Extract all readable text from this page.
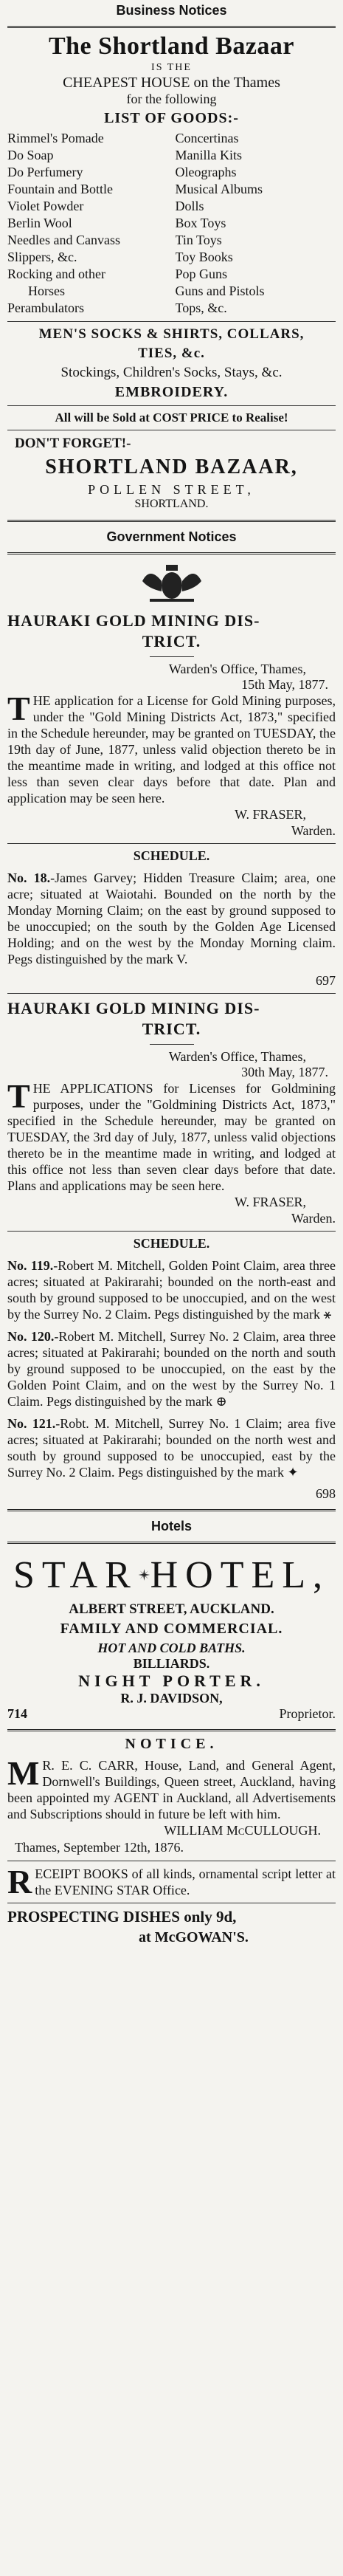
Business Notices
The Shortland Bazaar
IS THE
CHEAPEST HOUSE on the Thames
for the following
LIST OF GOODS:-
Rimmel's Pomade
Do Soap
Do Perfumery
Fountain and Bottle
Violet Powder
Berlin Wool
Needles and Canvass
Slippers, &c.
Rocking and other
Horses
Perambulators
Concertinas
Manilla Kits
Oleographs
Musical Albums
Dolls
Box Toys
Tin Toys
Toy Books
Pop Guns
Guns and Pistols
Tops, &c.
MEN'S SOCKS & SHIRTS, COLLARS,
TIES, &c.
Stockings, Children's Socks, Stays, &c.
EMBROIDERY.
All will be Sold at COST PRICE to Realise!
DON'T FORGET!-
SHORTLAND BAZAAR,
POLLEN STREET,
SHORTLAND.
Government Notices
HAURAKI GOLD MINING DIS-
TRICT.
Warden's Office, Thames,
15th May, 1877.
THE application for a License for Gold Mining purposes, under the "Gold Mining Districts Act, 1873," specified in the Schedule hereunder, may be granted on TUESDAY, the 19th day of June, 1877, unless valid objection thereto be in the meantime made in writing, and lodged at this office not less than seven clear days before that date. Plan and application may be seen here.
W. FRASER,
Warden.
SCHEDULE.
No. 18.-James Garvey; Hidden Treasure Claim; area, one acre; situated at Waiotahi. Bounded on the north by the Monday Morning Claim; on the east by ground supposed to be unoccupied; on the south by the Golden Age Licensed Holding; and on the west by the Monday Morning claim. Pegs distinguished by the mark V.
697
HAURAKI GOLD MINING DIS-
TRICT.
Warden's Office, Thames,
30th May, 1877.
THE APPLICATIONS for Licenses for Goldmining purposes, under the "Goldmining Districts Act, 1873," specified in the Schedule hereunder, may be granted on TUESDAY, the 3rd day of July, 1877, unless valid objections thereto be in the meantime made in writing, and lodged at this office not less than seven clear days before that date. Plans and applications may be seen here.
W. FRASER,
Warden.
SCHEDULE.
No. 119.-Robert M. Mitchell, Golden Point Claim, area three acres; situated at Pakirarahi; bounded on the north-east and south by ground supposed to be unoccupied, and on the west by the Surrey No. 2 Claim. Pegs distinguished by the mark ⚹
No. 120.-Robert M. Mitchell, Surrey No. 2 Claim, area three acres; situated at Pakirarahi; bounded on the north and south by ground supposed to be unoccupied, on the east by the Golden Point Claim, and on the west by the Surrey No. 1 Claim. Pegs distinguished by the mark ⊕
No. 121.-Robt. M. Mitchell, Surrey No. 1 Claim; area five acres; situated at Pakirarahi; bounded on the north west and south by ground supposed to be unoccupied, east by the Surrey No. 2 Claim. Pegs distinguished by the mark ✦
698
Hotels
STAR HOTEL,
ALBERT STREET, AUCKLAND.
FAMILY AND COMMERCIAL.
HOT AND COLD BATHS.
BILLIARDS.
NIGHT PORTER.
R. J. DAVIDSON,
714	Proprietor.
NOTICE.
M R. E. C. CARR, House, Land, and General Agent, Dornwell's Buildings, Queen street, Auckland, having been appointed my AGENT in Auckland, all Advertisements and Subscriptions should in future be left with him.
WILLIAM McCULLOUGH.
Thames, September 12th, 1876.
RECEIPT BOOKS of all kinds, ornamental script letter at the EVENING STAR Office.
PROSPECTING DISHES only 9d,
at McGOWAN'S.
